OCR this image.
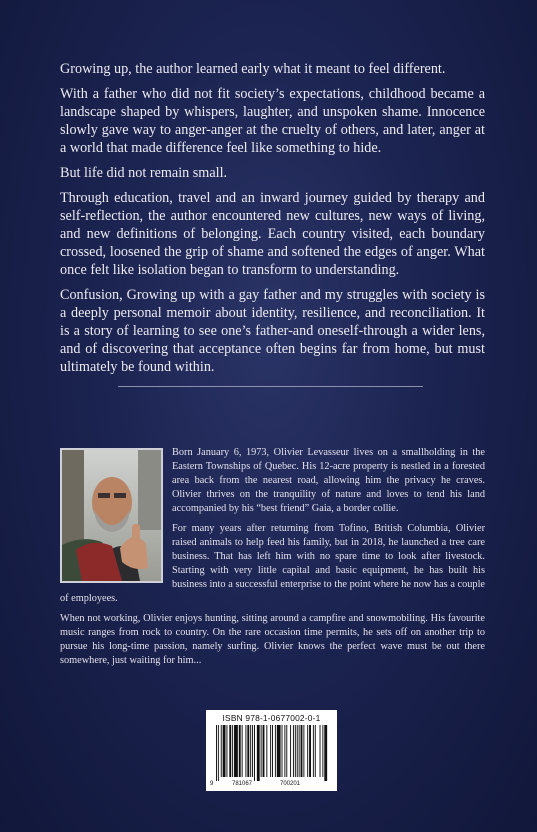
Growing up, the author learned early what it meant to feel different.

With a father who did not fit society’s expectations, childhood became a landscape shaped by whispers, laughter, and unspoken shame. Innocence slowly gave way to anger-anger at the cruelty of others, and later, anger at a world that made difference feel like something to hide.

But life did not remain small.

Through education, travel and an inward journey guided by therapy and self-reflection, the author encountered new cultures, new ways of living, and new definitions of belonging. Each country visited, each boundary crossed, loosened the grip of shame and softened the edges of anger. What once felt like isolation began to transform to understanding.

Confusion, Growing up with a gay father and my struggles with society is a deeply personal memoir about identity, resilience, and reconciliation. It is a story of learning to see one’s father-and oneself-through a wider lens, and of discovering that acceptance often begins far from home, but must ultimately be found within.

Born January 6, 1973, Olivier Levasseur lives on a smallholding in the Eastern Townships of Quebec. His 12-acre property is nestled in a forested area back from the nearest road, allowing him the privacy he craves. Olivier thrives on the tranquility of nature and loves to tend his land accompanied by his “best friend” Gaia, a border collie.

For many years after returning from Tofino, British Columbia, Olivier raised animals to help feed his family, but in 2018, he launched a tree care business. That has left him with no spare time to look after livestock. Starting with very little capital and basic equipment, he has built his business into a successful enterprise to the point where he now has a couple of employees.

When not working, Olivier enjoys hunting, sitting around a campfire and snowmobiling. His favourite music ranges from rock to country. On the rare occasion time permits, he sets off on another trip to pursue his long-time passion, namely surfing. Olivier knows the perfect wave must be out there somewhere, just waiting for him...

ISBN 978-1-0677002-0-1
9	781067	700201
